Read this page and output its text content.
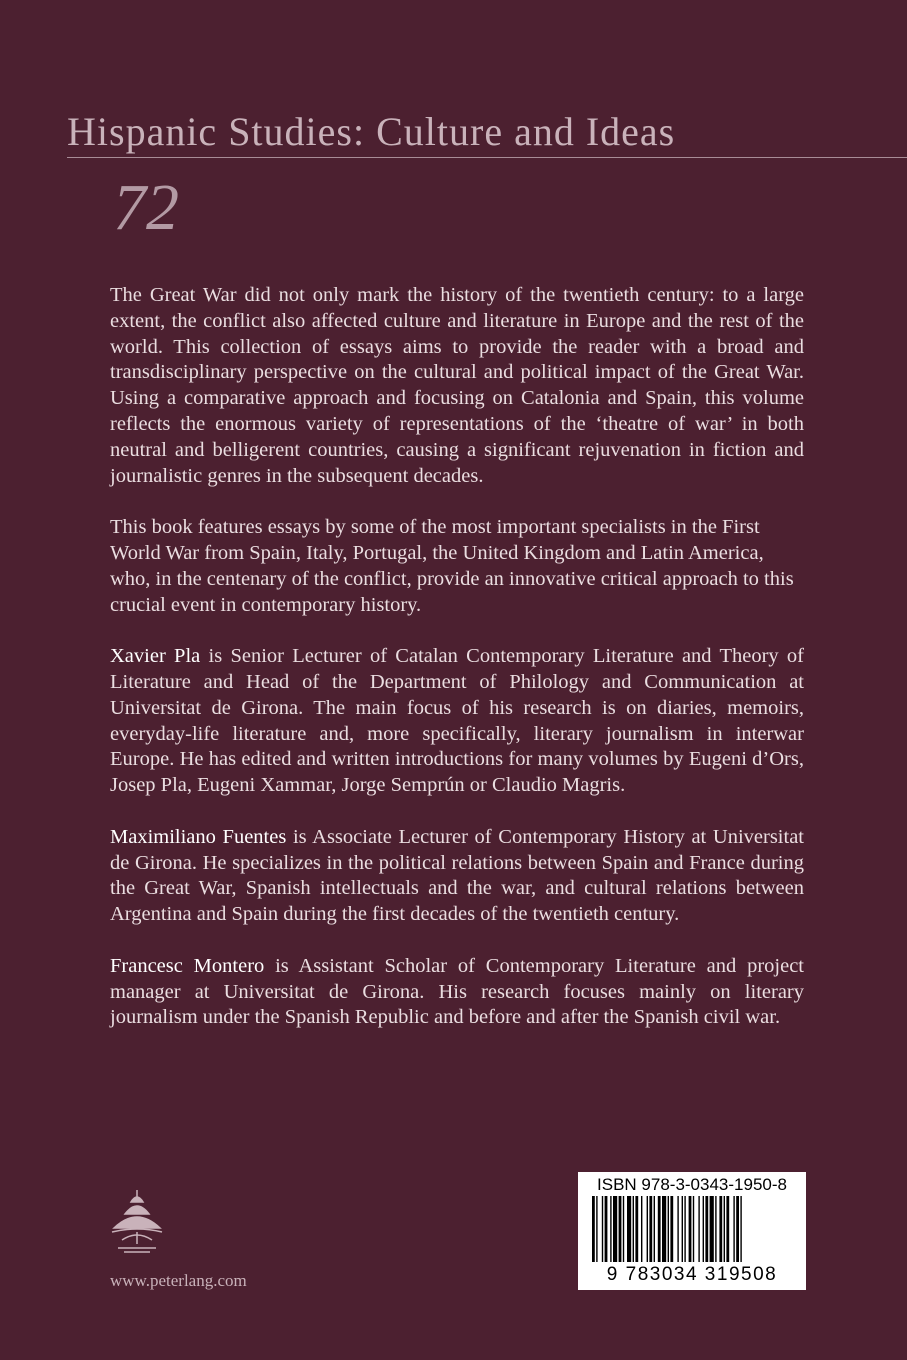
Hispanic Studies: Culture and Ideas
72

The Great War did not only mark the history of the twentieth century: to a large extent, the conflict also affected culture and literature in Europe and the rest of the world. This collection of essays aims to provide the reader with a broad and transdisciplinary perspective on the cultural and political impact of the Great War. Using a comparative approach and focusing on Catalonia and Spain, this volume reflects the enormous variety of representations of the ‘theatre of war’ in both neutral and belligerent countries, causing a significant rejuvenation in fiction and journalistic genres in the subsequent decades.

This book features essays by some of the most important specialists in the First World War from Spain, Italy, Portugal, the United Kingdom and Latin America, who, in the centenary of the conflict, provide an innovative critical approach to this crucial event in contemporary history.

Xavier Pla is Senior Lecturer of Catalan Contemporary Literature and Theory of Literature and Head of the Department of Philology and Communication at Universitat de Girona. The main focus of his research is on diaries, memoirs, everyday-life literature and, more specifically, literary journalism in interwar Europe. He has edited and written introductions for many volumes by Eugeni d’Ors, Josep Pla, Eugeni Xammar, Jorge Semprún or Claudio Magris.

Maximiliano Fuentes is Associate Lecturer of Contemporary History at Universitat de Girona. He specializes in the political relations between Spain and France during the Great War, Spanish intellectuals and the war, and cultural relations between Argentina and Spain during the first decades of the twentieth century.

Francesc Montero is Assistant Scholar of Contemporary Literature and project manager at Universitat de Girona. His research focuses mainly on literary journalism under the Spanish Republic and before and after the Spanish civil war.

www.peterlang.com
ISBN 978-3-0343-1950-8
9 783034 319508
